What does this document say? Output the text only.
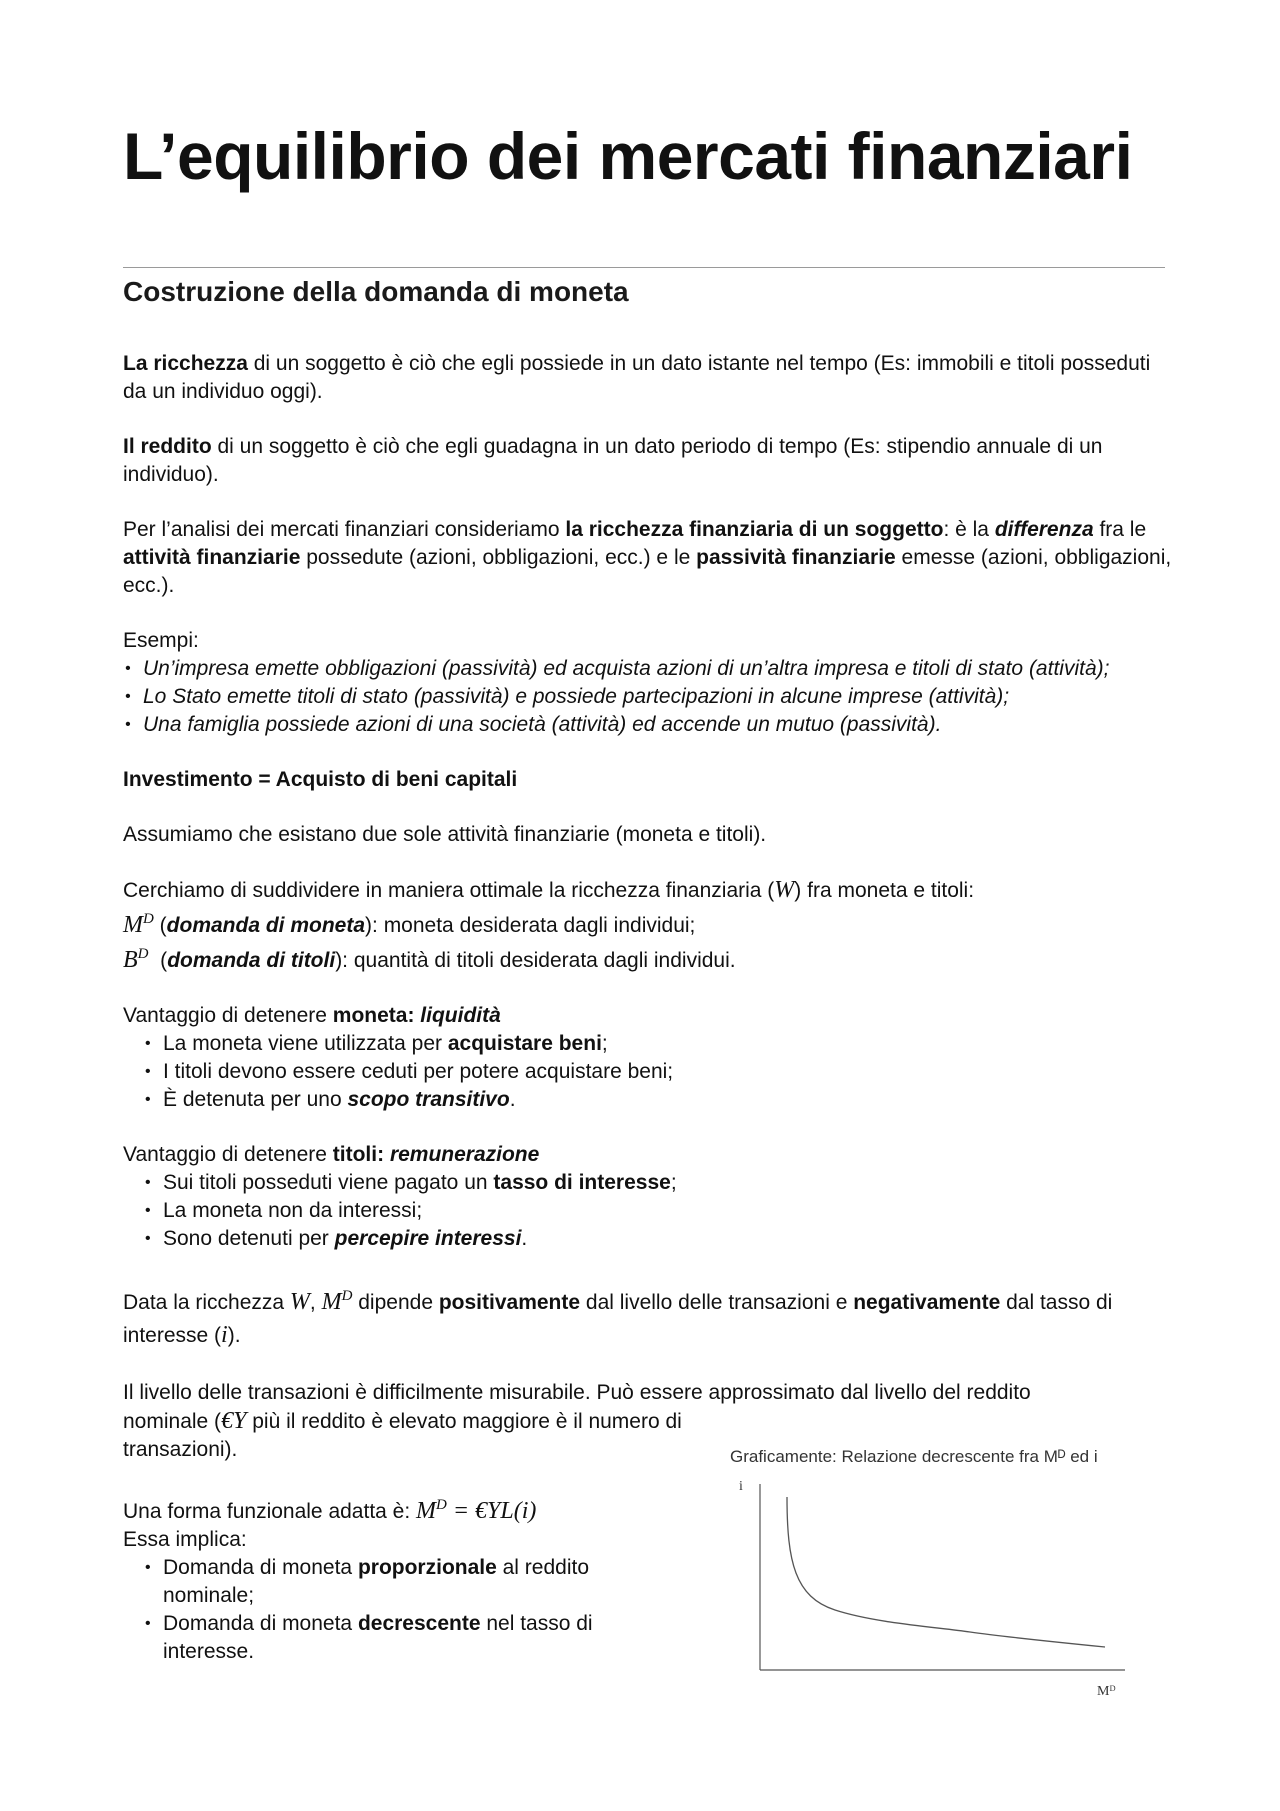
L’equilibrio dei mercati finanziari
Costruzione della domanda di moneta

La ricchezza di un soggetto è ciò che egli possiede in un dato istante nel tempo (Es: immobili e titoli posseduti da un individuo oggi).

Il reddito di un soggetto è ciò che egli guadagna in un dato periodo di tempo (Es: stipendio annuale di un individuo).

Per l’analisi dei mercati finanziari consideriamo la ricchezza finanziaria di un soggetto: è la differenza fra le attività finanziarie possedute (azioni, obbligazioni, ecc.) e le passività finanziarie emesse (azioni, obbligazioni, ecc.).

Esempi:

• Un’impresa emette obbligazioni (passività) ed acquista azioni di un’altra impresa e titoli di stato (attività);
• Lo Stato emette titoli di stato (passività) e possiede partecipazioni in alcune imprese (attività);
• Una famiglia possiede azioni di una società (attività) ed accende un mutuo (passività).

Investimento = Acquisto di beni capitali

Assumiamo che esistano due sole attività finanziarie (moneta e titoli).

Cerchiamo di suddividere in maniera ottimale la ricchezza finanziaria (W) fra moneta e titoli:

$M^D$ (domanda di moneta): moneta desiderata dagli individui;

$B^D$  (domanda di titoli): quantità di titoli desiderata dagli individui.

Vantaggio di detenere moneta: liquidità

• La moneta viene utilizzata per acquistare beni;
• I titoli devono essere ceduti per potere acquistare beni;
• È detenuta per uno scopo transitivo.

Vantaggio di detenere titoli: remunerazione

• Sui titoli posseduti viene pagato un tasso di interesse;
• La moneta non da interessi;
• Sono detenuti per percepire interessi.

Data la ricchezza W, $M^D$ dipende positivamente dal livello delle transazioni e negativamente dal tasso di interesse (i).

Il livello delle transazioni è difficilmente misurabile. Può essere approssimato dal livello del reddito

nominale (€Y più il reddito è elevato maggiore è il numero di transazioni).

Una forma funzionale adatta è: $M^D$ = €YL(i)

Essa implica:

• Domanda di moneta proporzionale al reddito nominale;
• Domanda di moneta decrescente nel tasso di interesse.

Graficamente: Relazione decrescente fra Mᴰ ed i

i
Mᴰ
